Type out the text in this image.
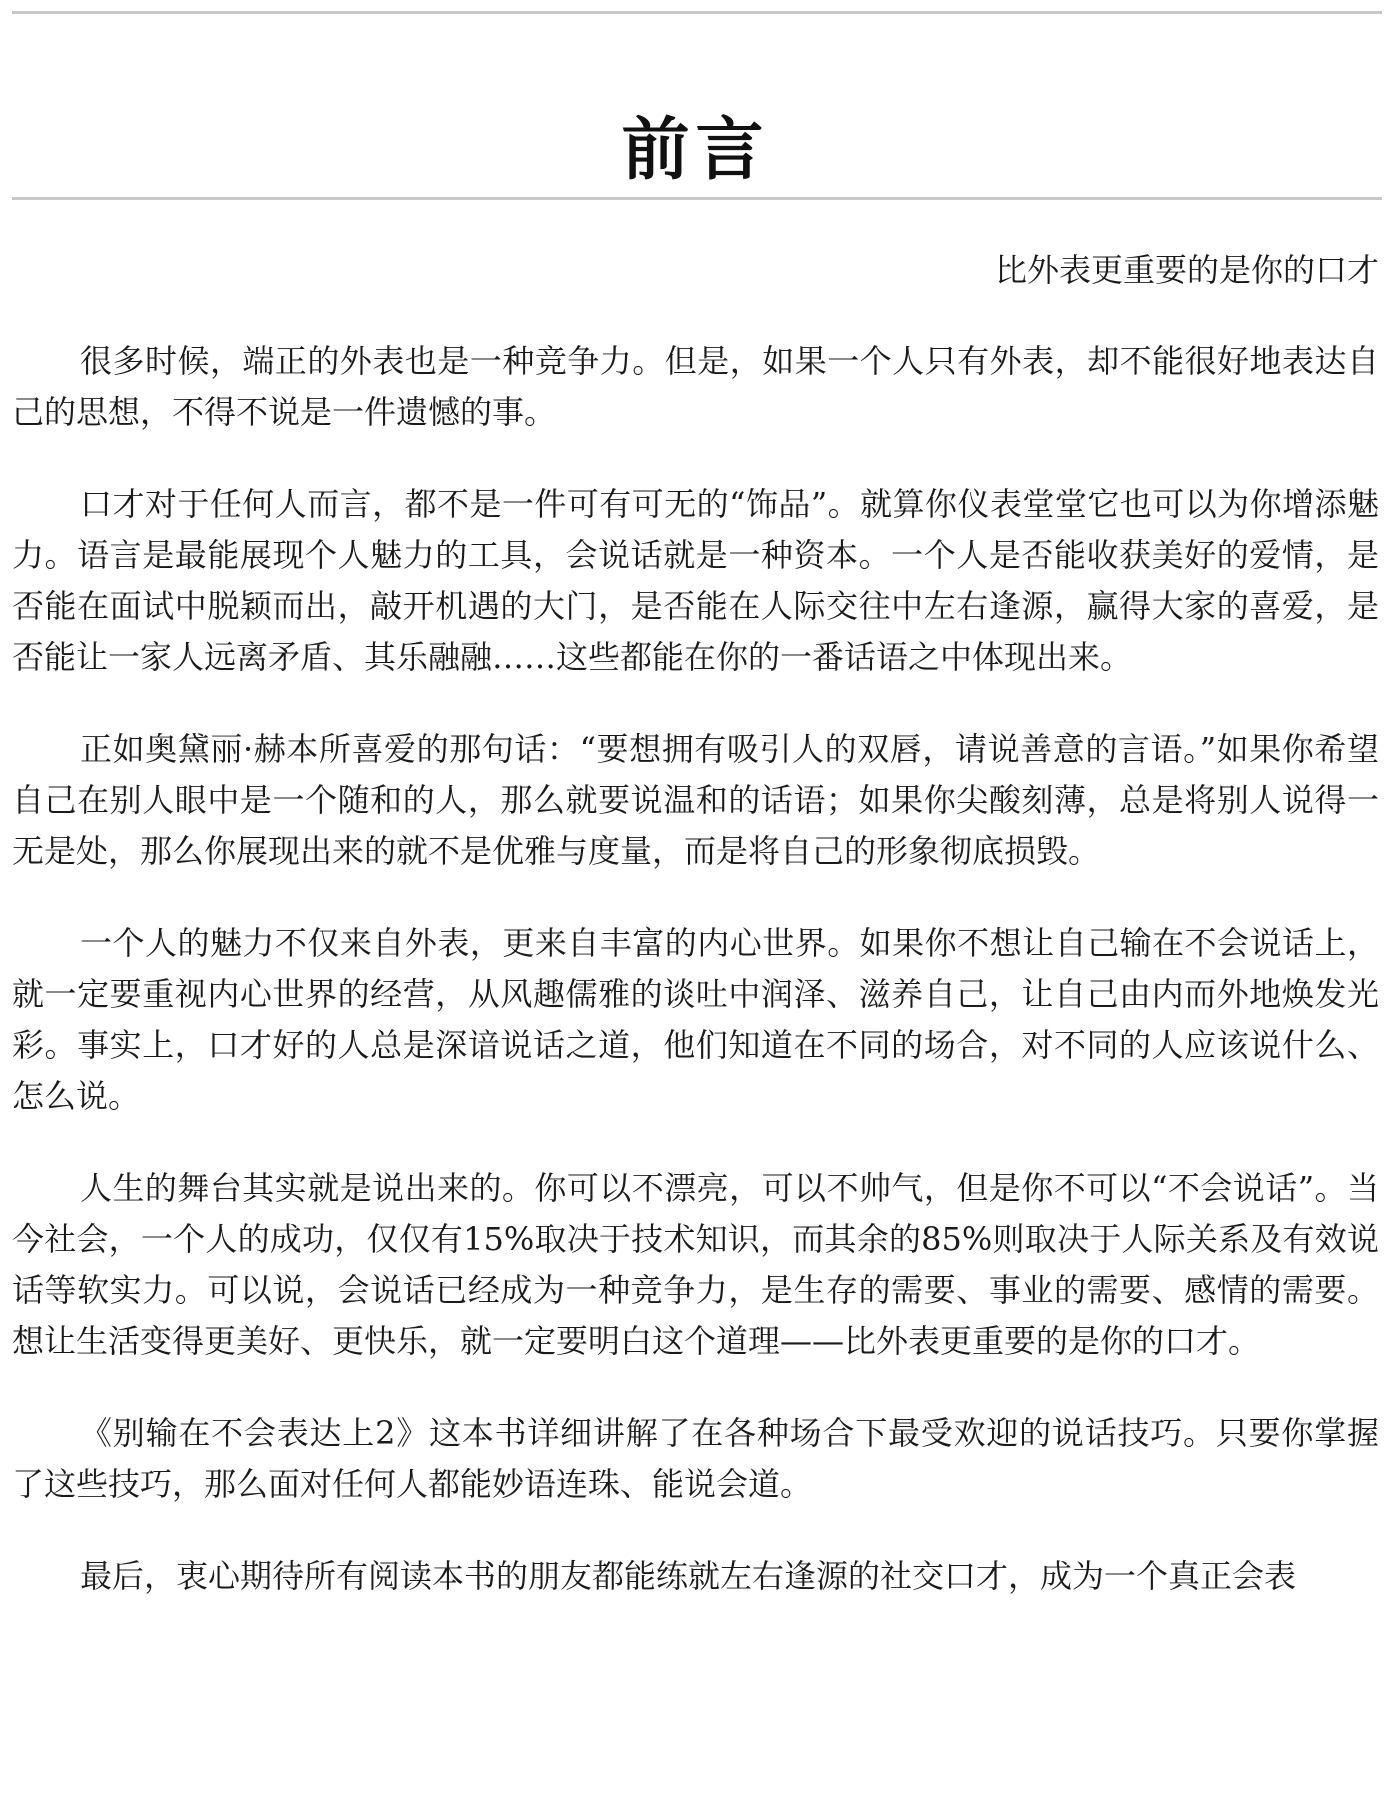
前言
比外表更重要的是你的口才

很多时候，端正的外表也是一种竞争力。但是，如果一个人只有外表，却不能很好地表达自己的思想，不得不说是一件遗憾的事。

口才对于任何人而言，都不是一件可有可无的“饰品”。就算你仪表堂堂它也可以为你增添魅力。语言是最能展现个人魅力的工具，会说话就是一种资本。一个人是否能收获美好的爱情，是否能在面试中脱颖而出，敲开机遇的大门，是否能在人际交往中左右逢源，赢得大家的喜爱，是否能让一家人远离矛盾、其乐融融……这些都能在你的一番话语之中体现出来。

正如奥黛丽·赫本所喜爱的那句话：“要想拥有吸引人的双唇，请说善意的言语。”如果你希望自己在别人眼中是一个随和的人，那么就要说温和的话语；如果你尖酸刻薄，总是将别人说得一无是处，那么你展现出来的就不是优雅与度量，而是将自己的形象彻底损毁。

一个人的魅力不仅来自外表，更来自丰富的内心世界。如果你不想让自己输在不会说话上，就一定要重视内心世界的经营，从风趣儒雅的谈吐中润泽、滋养自己，让自己由内而外地焕发光彩。事实上，口才好的人总是深谙说话之道，他们知道在不同的场合，对不同的人应该说什么、怎么说。

人生的舞台其实就是说出来的。你可以不漂亮，可以不帅气，但是你不可以“不会说话”。当今社会，一个人的成功，仅仅有15%取决于技术知识，而其余的85%则取决于人际关系及有效说话等软实力。可以说，会说话已经成为一种竞争力，是生存的需要、事业的需要、感情的需要。想让生活变得更美好、更快乐，就一定要明白这个道理——比外表更重要的是你的口才。

《别输在不会表达上2》这本书详细讲解了在各种场合下最受欢迎的说话技巧。只要你掌握了这些技巧，那么面对任何人都能妙语连珠、能说会道。

最后，衷心期待所有阅读本书的朋友都能练就左右逢源的社交口才，成为一个真正会表
